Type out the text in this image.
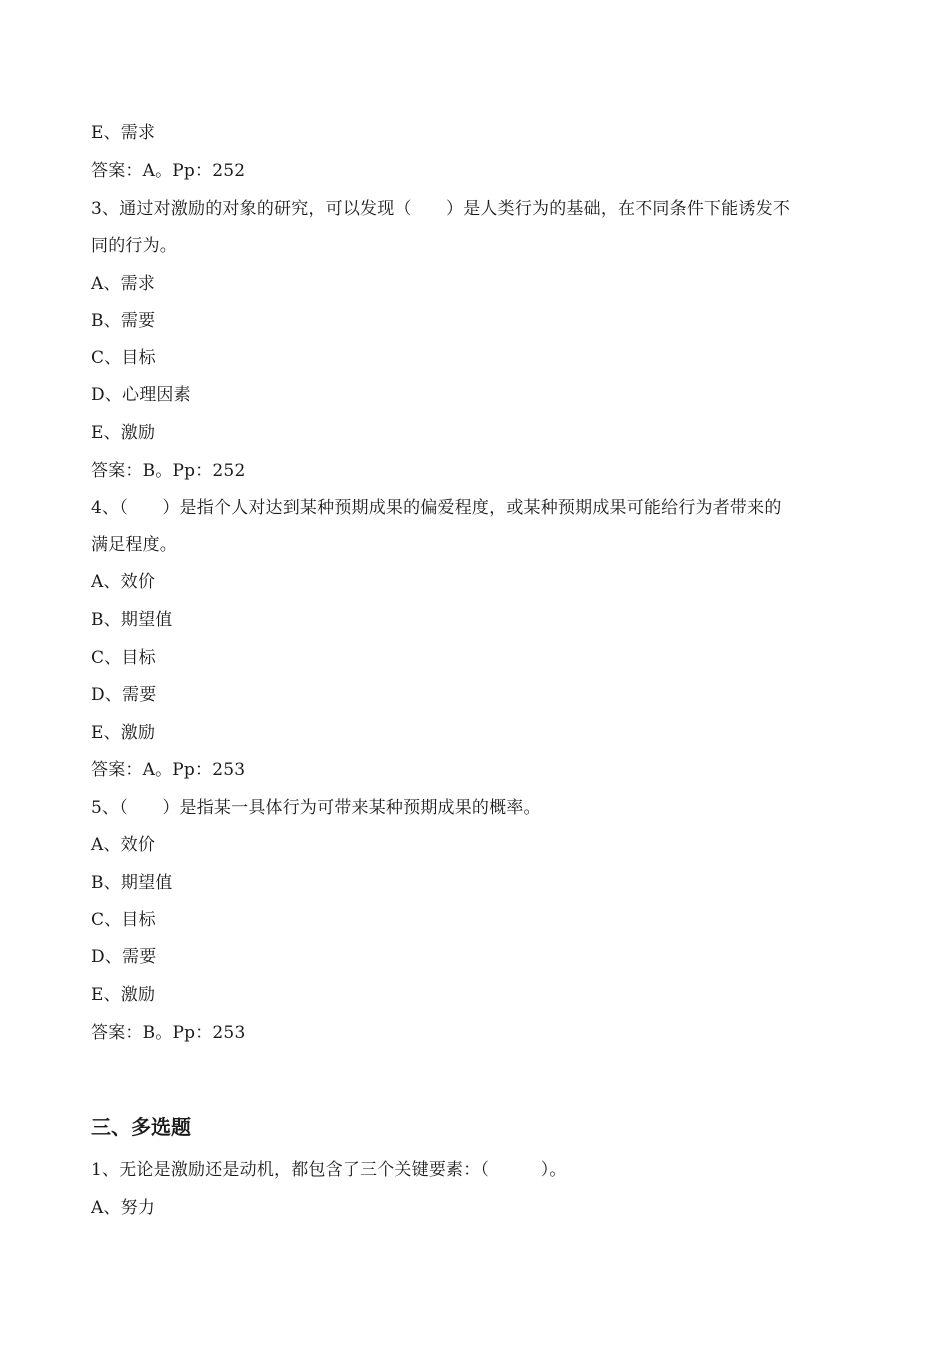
E、需求
答案：A。Pp：252
3、通过对激励的对象的研究，可以发现（　　）是人类行为的基础，在不同条件下能诱发不
同的行为。
A、需求
B、需要
C、目标
D、心理因素
E、激励
答案：B。Pp：252
4、（　　）是指个人对达到某种预期成果的偏爱程度，或某种预期成果可能给行为者带来的
满足程度。
A、效价
B、期望值
C、目标
D、需要
E、激励
答案：A。Pp：253
5、（　　）是指某一具体行为可带来某种预期成果的概率。
A、效价
B、期望值
C、目标
D、需要
E、激励
答案：B。Pp：253
三、多选题
1、无论是激励还是动机，都包含了三个关键要素：（　　　）。
A、努力
